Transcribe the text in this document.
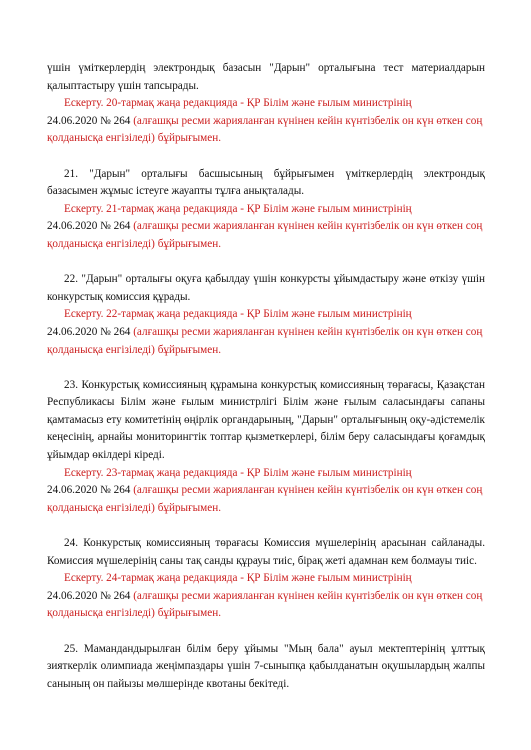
үшін үміткерлердің электрондық базасын "Дарын" орталығына тест материалдарын қалыптастыру үшін тапсырады.

Ескерту. 20-тармақ жаңа редакцияда - ҚР Білім және ғылым министрінің
24.06.2020 № 264 (алғашқы ресми жарияланған күнінен кейін күнтізбелік он күн өткен соң қолданысқа енгізіледі) бұйрығымен.

21. "Дарын" орталығы басшысының бұйрығымен үміткерлердің электрондық базасымен жұмыс істеуге жауапты тұлға анықталады.

Ескерту. 21-тармақ жаңа редакцияда - ҚР Білім және ғылым министрінің
24.06.2020 № 264 (алғашқы ресми жарияланған күнінен кейін күнтізбелік он күн өткен соң қолданысқа енгізіледі) бұйрығымен.

22. "Дарын" орталығы оқуға қабылдау үшін конкурсты ұйымдастыру және өткізу үшін конкурстық комиссия құрады.

Ескерту. 22-тармақ жаңа редакцияда - ҚР Білім және ғылым министрінің
24.06.2020 № 264 (алғашқы ресми жарияланған күнінен кейін күнтізбелік он күн өткен соң қолданысқа енгізіледі) бұйрығымен.

23. Конкурстық комиссияның құрамына конкурстық комиссияның төрағасы, Қазақстан Республикасы Білім және ғылым министрлігі Білім және ғылым саласындағы сапаны қамтамасыз ету комитетінің өңірлік органдарының, "Дарын" орталығының оқу-әдістемелік кеңесінің, арнайы мониторингтік топтар қызметкерлері, білім беру саласындағы қоғамдық ұйымдар өкілдері кіреді.

Ескерту. 23-тармақ жаңа редакцияда - ҚР Білім және ғылым министрінің
24.06.2020 № 264 (алғашқы ресми жарияланған күнінен кейін күнтізбелік он күн өткен соң қолданысқа енгізіледі) бұйрығымен.

24. Конкурстық комиссияның төрағасы Комиссия мүшелерінің арасынан сайланады. Комиссия мүшелерінің саны тақ санды құрауы тиіс, бірақ жеті адамнан кем болмауы тиіс.

Ескерту. 24-тармақ жаңа редакцияда - ҚР Білім және ғылым министрінің
24.06.2020 № 264 (алғашқы ресми жарияланған күнінен кейін күнтізбелік он күн өткен соң қолданысқа енгізіледі) бұйрығымен.

25. Мамандандырылған білім беру ұйымы "Мың бала" ауыл мектептерінің ұлттық зияткерлік олимпиада жеңімпаздары үшін 7-сыныпқа қабылданатын оқушылардың жалпы санының он пайызы мөлшерінде квотаны бекітеді.
